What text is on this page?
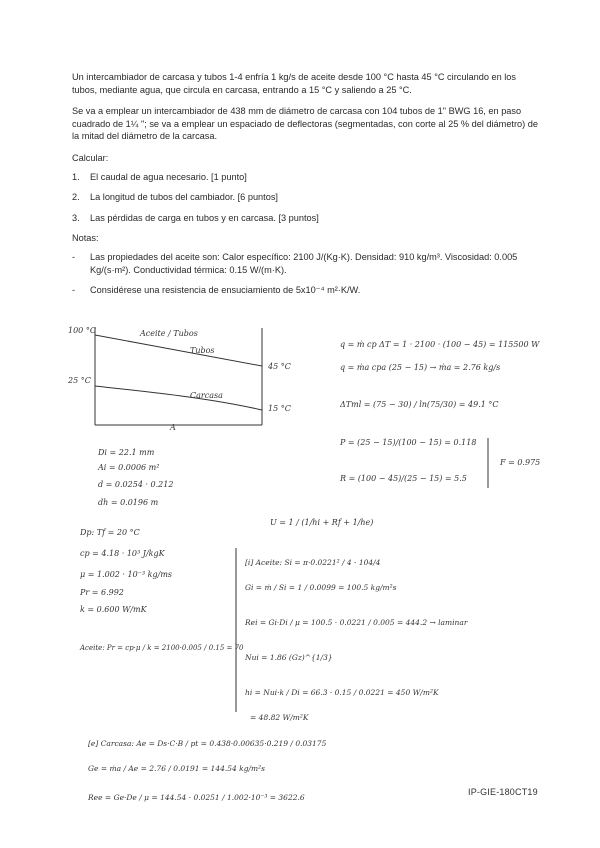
Un intercambiador de carcasa y tubos 1-4 enfría 1 kg/s de aceite desde 100 °C hasta 45 °C circulando en los tubos, mediante agua, que circula en carcasa, entrando a 15 °C y saliendo a 25 °C.

Se va a emplear un intercambiador de 438 mm de diámetro de carcasa con 104 tubos de 1" BWG 16, en paso cuadrado de 1¼ "; se va a emplear un espaciado de deflectoras (segmentadas, con corte al 25 % del diámetro) de la mitad del diámetro de la carcasa.

Calcular:

1.	El caudal de agua necesario. [1 punto]
2.	La longitud de tubos del cambiador. [6 puntos]
3.	Las pérdidas de carga en tubos y en carcasa. [3 puntos]

Notas:

-	Las propiedades del aceite son: Calor específico: 2100 J/(Kg·K). Densidad: 910 kg/m³. Viscosidad: 0.005 Kg/(s·m²). Conductividad térmica: 0.15 W/(m·K).
-	Considérese una resistencia de ensuciamiento de 5x10⁻⁴ m²·K/W.
100 °C	Aceite / Tubos
Tubos
45 °C
25 °C
Carcasa
15 °C
A
Di = 22.1 mm
Ai = 0.0006 m²
d = 0.0254 · 0.212
dh = 0.0196 m
q = ṁ cp ΔT = 1 · 2100 · (100 − 45) = 115500 W
q = ṁa cpa (25 − 15) → ṁa = 2.76 kg/s
ΔTml = (75 − 30) / ln(75/30) = 49.1 °C
P = (25 − 15)/(100 − 15) = 0.118
R = (100 − 45)/(25 − 15) = 5.5
F = 0.975
U = 1 / (1/hi + Rf + 1/he)
Dp: Tf = 20 °C
cp = 4.18 · 10³ J/kgK
μ = 1.002 · 10⁻³ kg/ms
Pr = 6.992
k = 0.600 W/mK
Aceite: Pr = cp·μ / k = 2100·0.005 / 0.15 = 70
[i] Aceite: Si = π·0.0221² / 4 · 104/4
Gi = ṁ / Si = 1 / 0.0099 = 100.5 kg/m²s
Rei = Gi·Di / μ = 100.5 · 0.0221 / 0.005 = 444.2 → laminar
Nui = 1.86 (Gz)^{1/3}
hi = Nui·k / Di = 66.3 · 0.15 / 0.0221 = 450 W/m²K
= 48.82 W/m²K
[e] Carcasa: Ae = Ds·C·B / pt = 0.438·0.00635·0.219 / 0.03175
Ge = ṁa / Ae = 2.76 / 0.0191 = 144.54 kg/m²s
Ree = Ge·De / μ = 144.54 · 0.0251 / 1.002·10⁻³ = 3622.6
IP-GIE-180CT19
